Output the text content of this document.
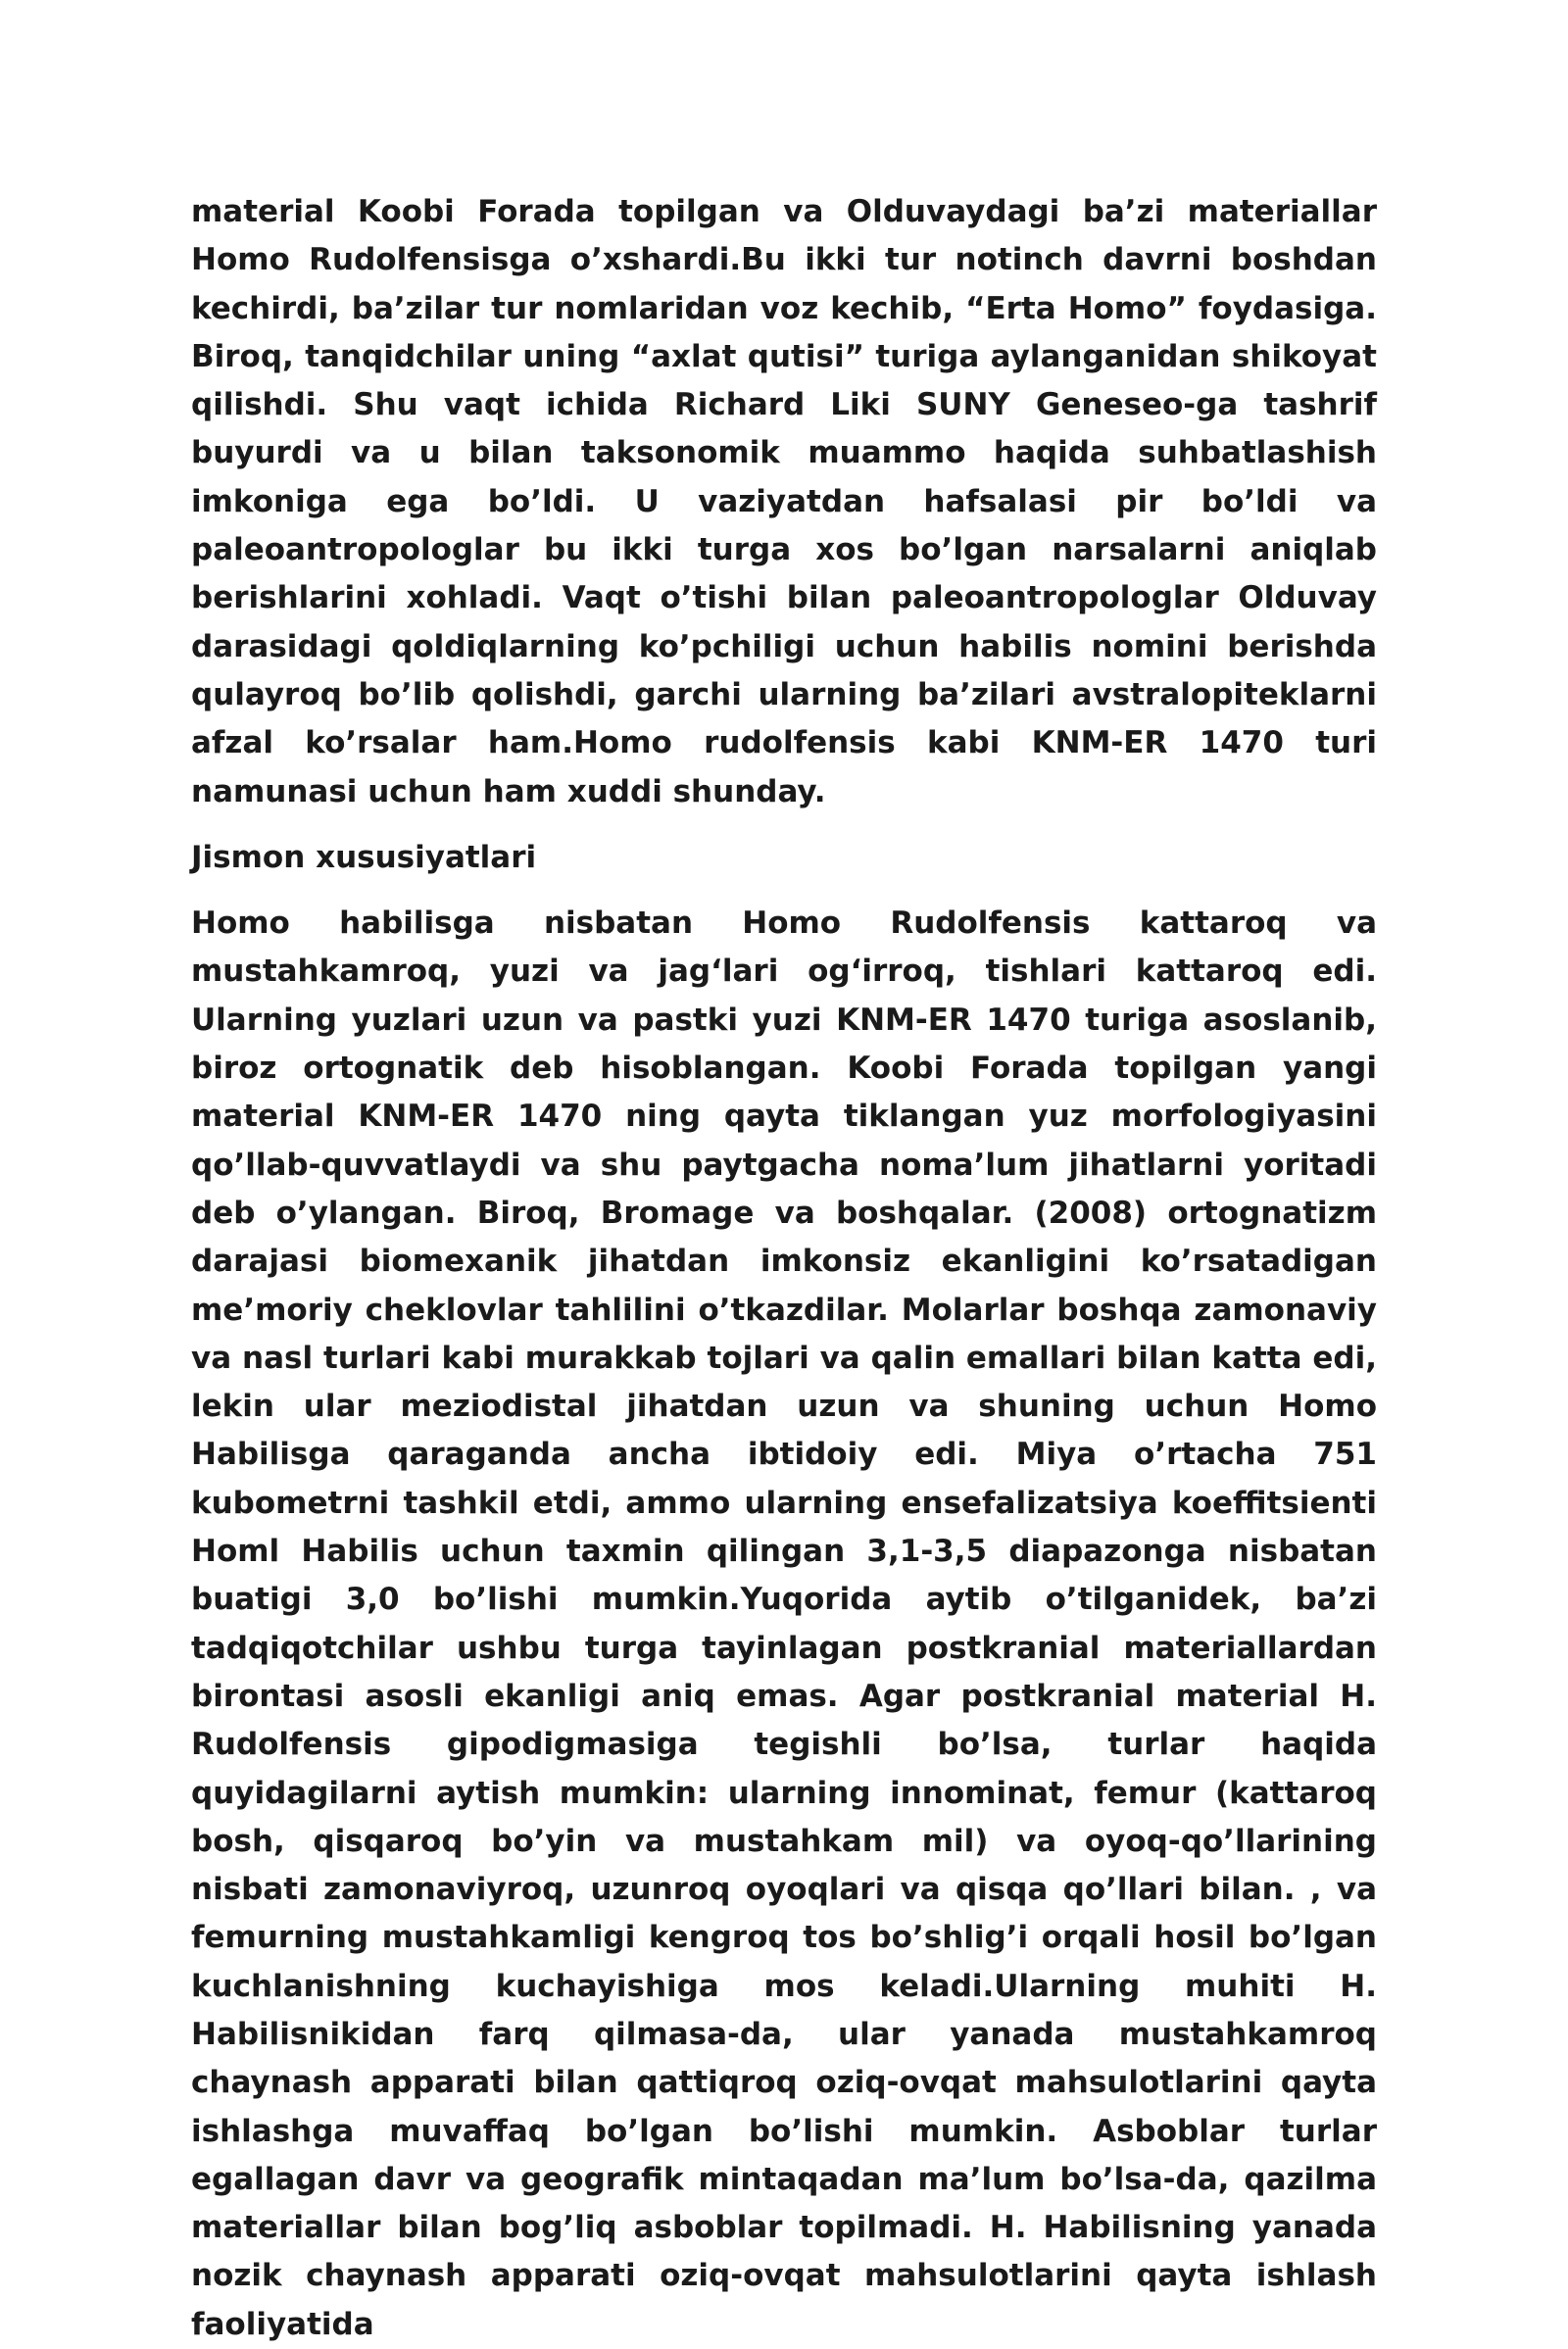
material Koobi Forada topilgan va Olduvaydagi ba’zi materiallar Homo Rudolfensisga o’xshardi.Bu ikki tur notinch davrni boshdan kechirdi, ba’zilar tur nomlaridan voz kechib, “Erta Homo” foydasiga. Biroq, tanqidchilar uning “axlat qutisi” turiga aylanganidan shikoyat qilishdi. Shu vaqt ichida Richard Liki SUNY Geneseo-ga tashrif buyurdi va u bilan taksonomik muammo haqida suhbatlashish imkoniga ega bo’ldi. U vaziyatdan hafsalasi pir bo’ldi va paleoantropologlar bu ikki turga xos bo’lgan narsalarni aniqlab berishlarini xohladi. Vaqt o’tishi bilan paleoantropologlar Olduvay darasidagi qoldiqlarning ko’pchiligi uchun habilis nomini berishda qulayroq bo’lib qolishdi, garchi ularning ba’zilari avstralopiteklarni afzal ko’rsalar ham.Homo rudolfensis kabi KNM-ER 1470 turi namunasi uchun ham xuddi shunday.

Jismon xususiyatlari

Homo habilisga nisbatan Homo Rudolfensis kattaroq va mustahkamroq, yuzi va jag‘lari og‘irroq, tishlari kattaroq edi. Ularning yuzlari uzun va pastki yuzi KNM-ER 1470 turiga asoslanib, biroz ortognatik deb hisoblangan. Koobi Forada topilgan yangi material KNM-ER 1470 ning qayta tiklangan yuz morfologiyasini qo’llab-quvvatlaydi va shu paytgacha noma’lum jihatlarni yoritadi deb o’ylangan. Biroq, Bromage va boshqalar. (2008) ortognatizm darajasi biomexanik jihatdan imkonsiz ekanligini ko’rsatadigan me’moriy cheklovlar tahlilini o’tkazdilar. Molarlar boshqa zamonaviy va nasl turlari kabi murakkab tojlari va qalin emallari bilan katta edi, lekin ular meziodistal jihatdan uzun va shuning uchun Homo Habilisga qaraganda ancha ibtidoiy edi. Miya o’rtacha 751 kubometrni tashkil etdi, ammo ularning ensefalizatsiya koeffitsienti Homl Habilis uchun taxmin qilingan 3,1-3,5 diapazonga nisbatan buatigi 3,0 bo’lishi mumkin.Yuqorida aytib o’tilganidek, ba’zi tadqiqotchilar ushbu turga tayinlagan postkranial materiallardan birontasi asosli ekanligi aniq emas. Agar postkranial material H. Rudolfensis gipodigmasiga tegishli bo’lsa, turlar haqida quyidagilarni aytish mumkin: ularning innominat, femur (kattaroq bosh, qisqaroq bo’yin va mustahkam mil) va oyoq-qo’llarining nisbati zamonaviyroq, uzunroq oyoqlari va qisqa qo’llari bilan. , va femurning mustahkamligi kengroq tos bo’shlig’i orqali hosil bo’lgan kuchlanishning kuchayishiga mos keladi.Ularning muhiti H. Habilisnikidan farq qilmasa-da, ular yanada mustahkamroq chaynash apparati bilan qattiqroq oziq-ovqat mahsulotlarini qayta ishlashga muvaffaq bo’lgan bo’lishi mumkin. Asboblar turlar egallagan davr va geografik mintaqadan ma’lum bo’lsa-da, qazilma materiallar bilan bog’liq asboblar topilmadi. H. Habilisning yanada nozik chaynash apparati oziq-ovqat mahsulotlarini qayta ishlash faoliyatida
